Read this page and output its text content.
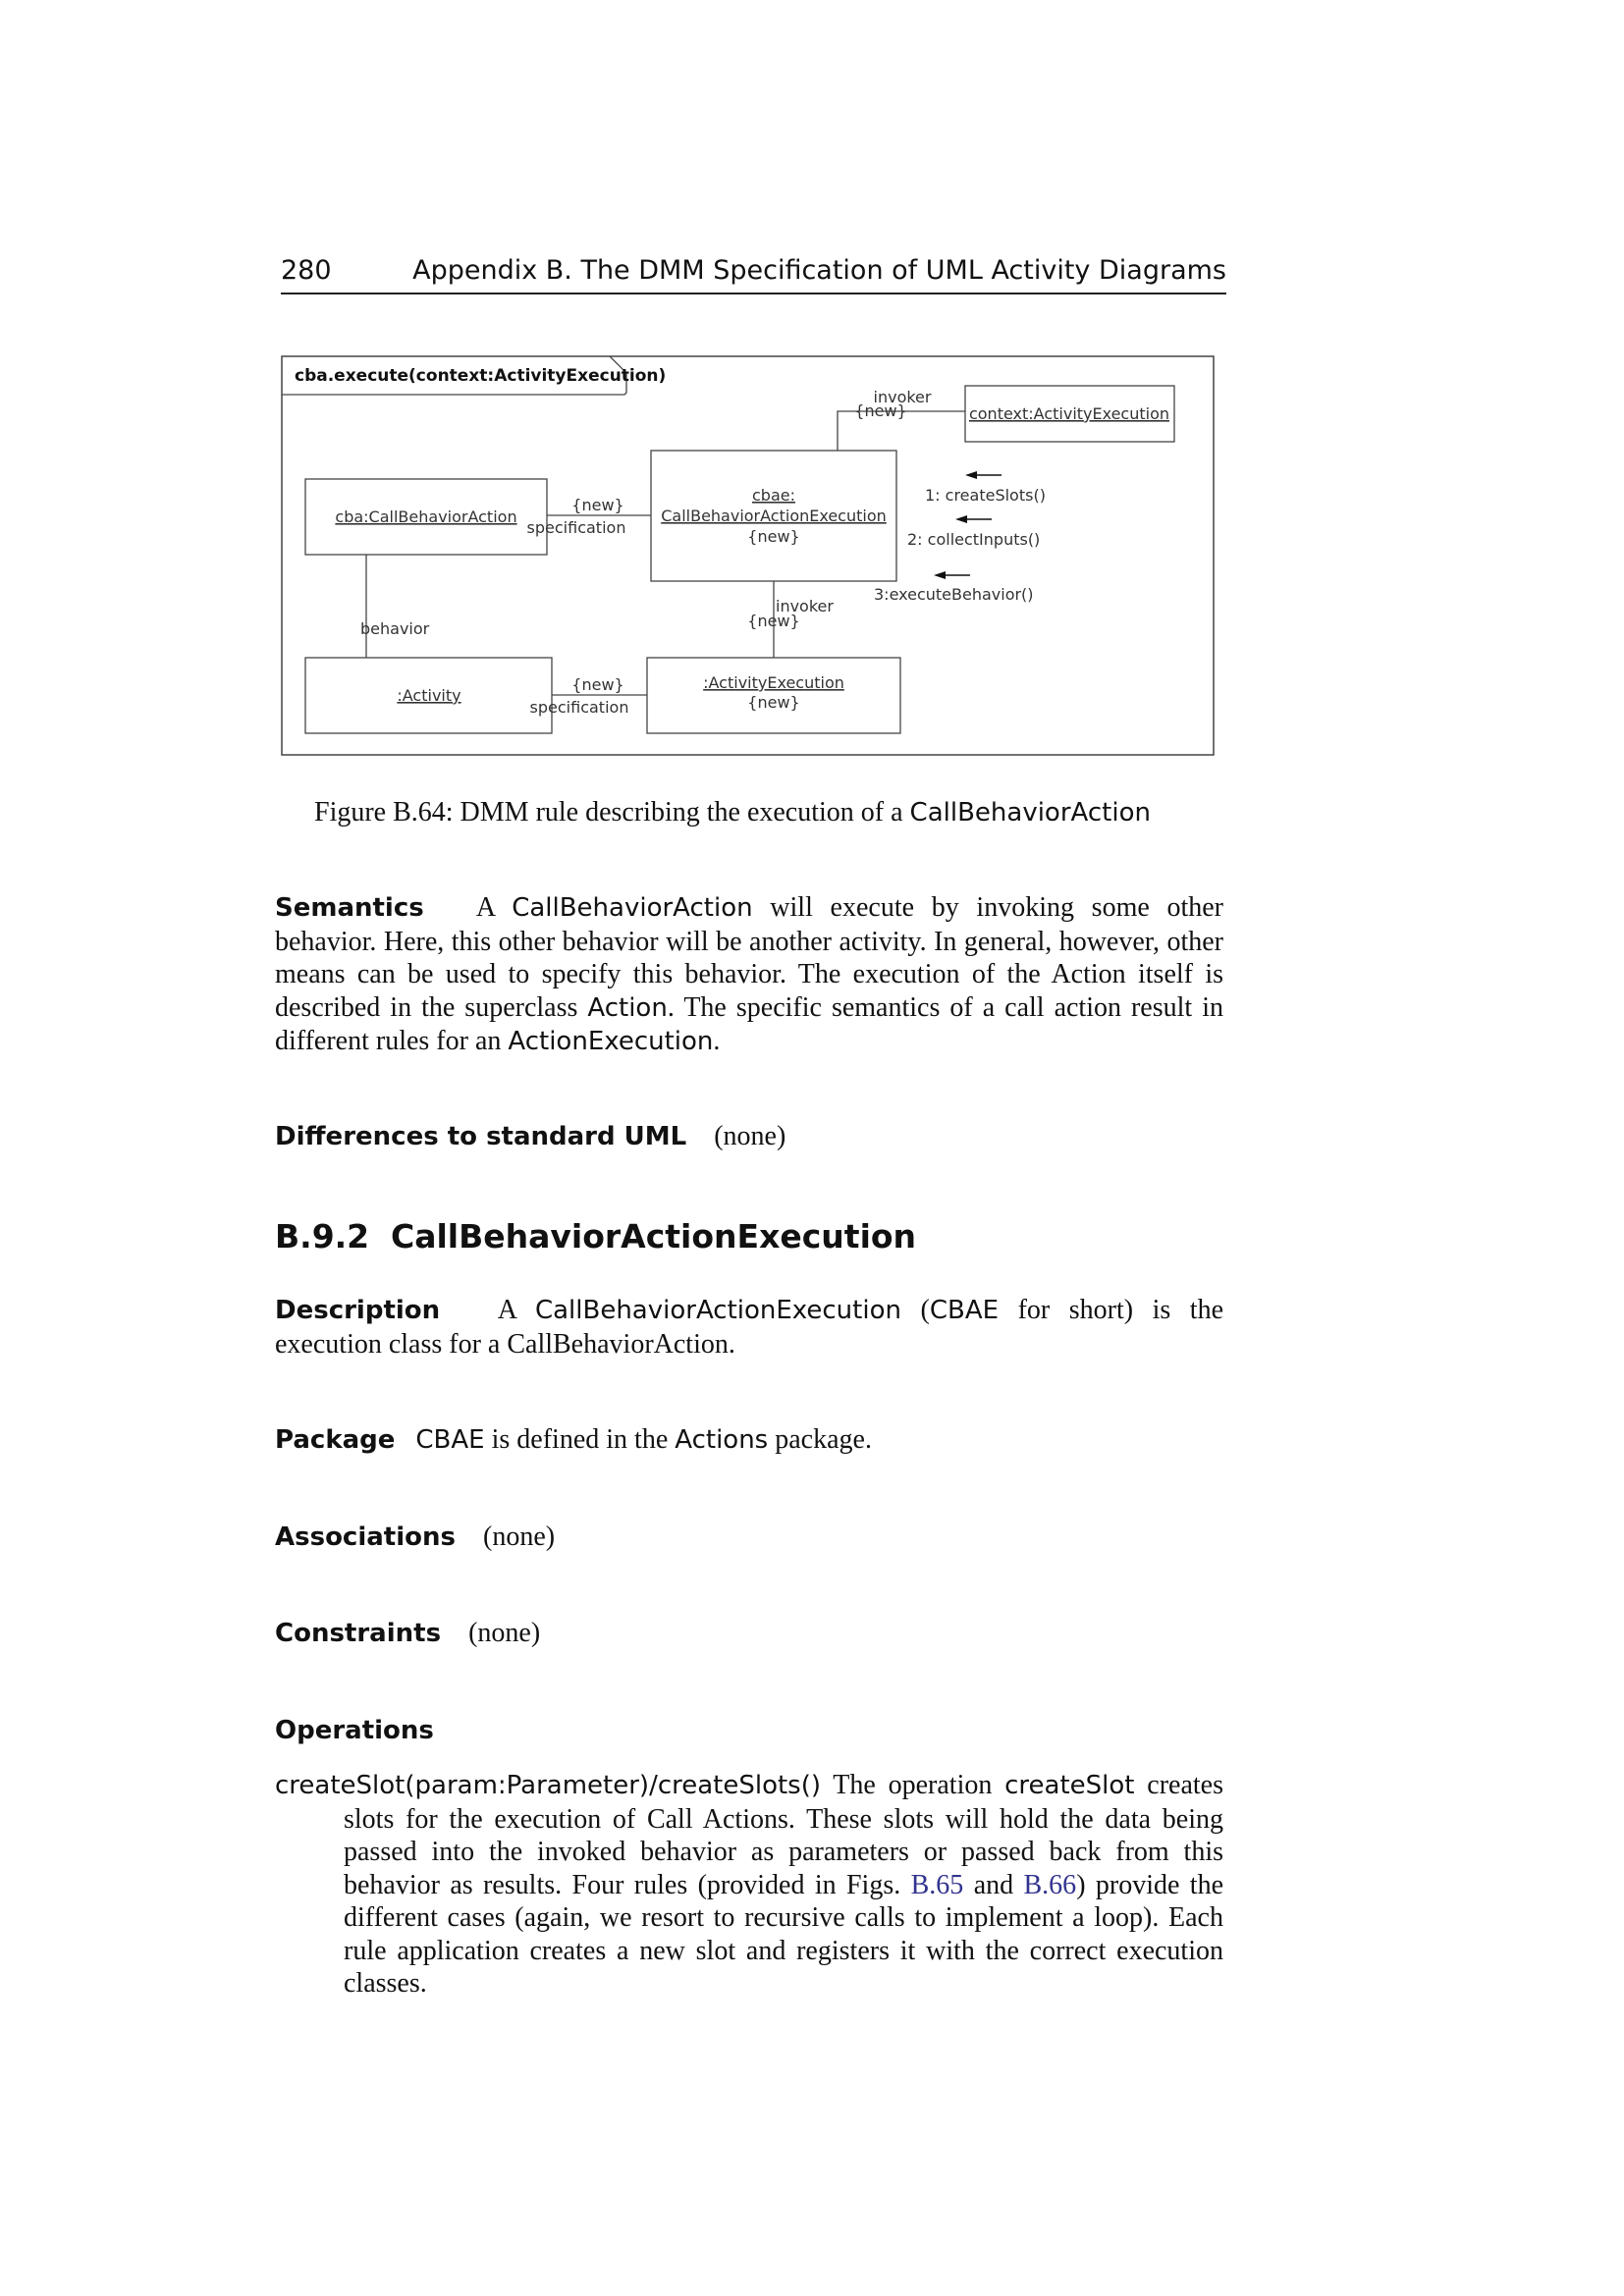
280	Appendix B. The DMM Specification of UML Activity Diagrams
cba.execute(context:ActivityExecution)
context:ActivityExecution
cbae:
CallBehaviorActionExecution
{new}
cba:CallBehaviorAction
:Activity
:ActivityExecution
{new}
invoker
{new}
{new}
specification
behavior
invoker
{new}
{new}
specification
1: createSlots()
2: collectInputs()
3:executeBehavior()
Figure B.64: DMM rule describing the execution of a CallBehaviorAction
Semantics A CallBehaviorAction will execute by invoking some other behavior. Here, this other behavior will be another activity. In general, however, other means can be used to specify this behavior. The execution of the Action itself is described in the superclass Action. The specific semantics of a call action result in different rules for an ActionExecution.
Differences to standard UML (none)
B.9.2 CallBehaviorActionExecution
Description A CallBehaviorActionExecution (CBAE for short) is the execution class for a CallBehaviorAction.
Package CBAE is defined in the Actions package.
Associations (none)
Constraints (none)
Operations
createSlot(param:Parameter)/createSlots() The operation createSlot creates slots for the execution of Call Actions. These slots will hold the data being passed into the invoked behavior as parameters or passed back from this behavior as results. Four rules (provided in Figs. B.65 and B.66) provide the different cases (again, we resort to recursive calls to implement a loop). Each rule application creates a new slot and registers it with the correct execution classes.
